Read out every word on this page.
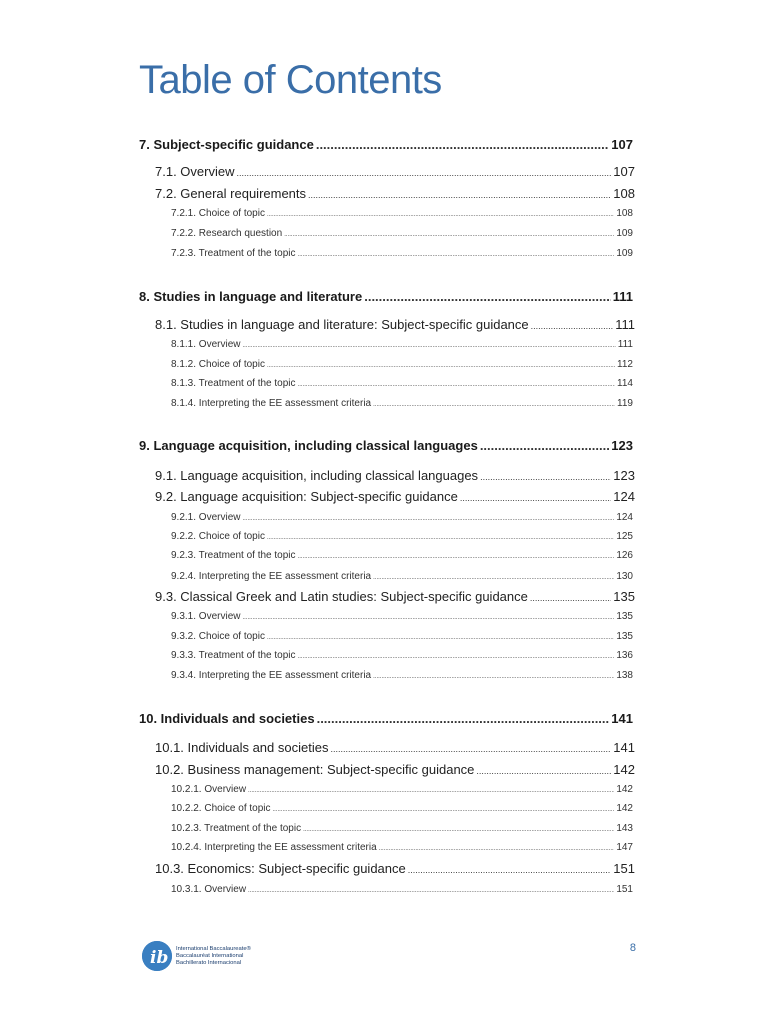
Table of Contents
7. Subject-specific guidance .....	107
7.1. Overview .....	107
7.2. General requirements .....	108
7.2.1. Choice of topic .....	108
7.2.2. Research question .....	109
7.2.3. Treatment of the topic .....	109
8. Studies in language and literature .....	111
8.1. Studies in language and literature: Subject-specific guidance .....	111
8.1.1. Overview .....	111
8.1.2. Choice of topic .....	112
8.1.3. Treatment of the topic .....	114
8.1.4. Interpreting the EE assessment criteria .....	119
9. Language acquisition, including classical languages .....	123
9.1. Language acquisition, including classical languages .....	123
9.2. Language acquisition: Subject-specific guidance .....	124
9.2.1. Overview .....	124
9.2.2. Choice of topic .....	125
9.2.3. Treatment of the topic .....	126
9.2.4. Interpreting the EE assessment criteria .....	130
9.3. Classical Greek and Latin studies: Subject-specific guidance .....	135
9.3.1. Overview .....	135
9.3.2. Choice of topic .....	135
9.3.3. Treatment of the topic .....	136
9.3.4. Interpreting the EE assessment criteria .....	138
10. Individuals and societies .....	141
10.1. Individuals and societies .....	141
10.2. Business management: Subject-specific guidance .....	142
10.2.1. Overview .....	142
10.2.2. Choice of topic .....	142
10.2.3. Treatment of the topic .....	143
10.2.4. Interpreting the EE assessment criteria .....	147
10.3. Economics: Subject-specific guidance .....	151
10.3.1. Overview .....	151
ib International Baccalaureate®
Baccalauréat International
Bachillerato Internacional
8
